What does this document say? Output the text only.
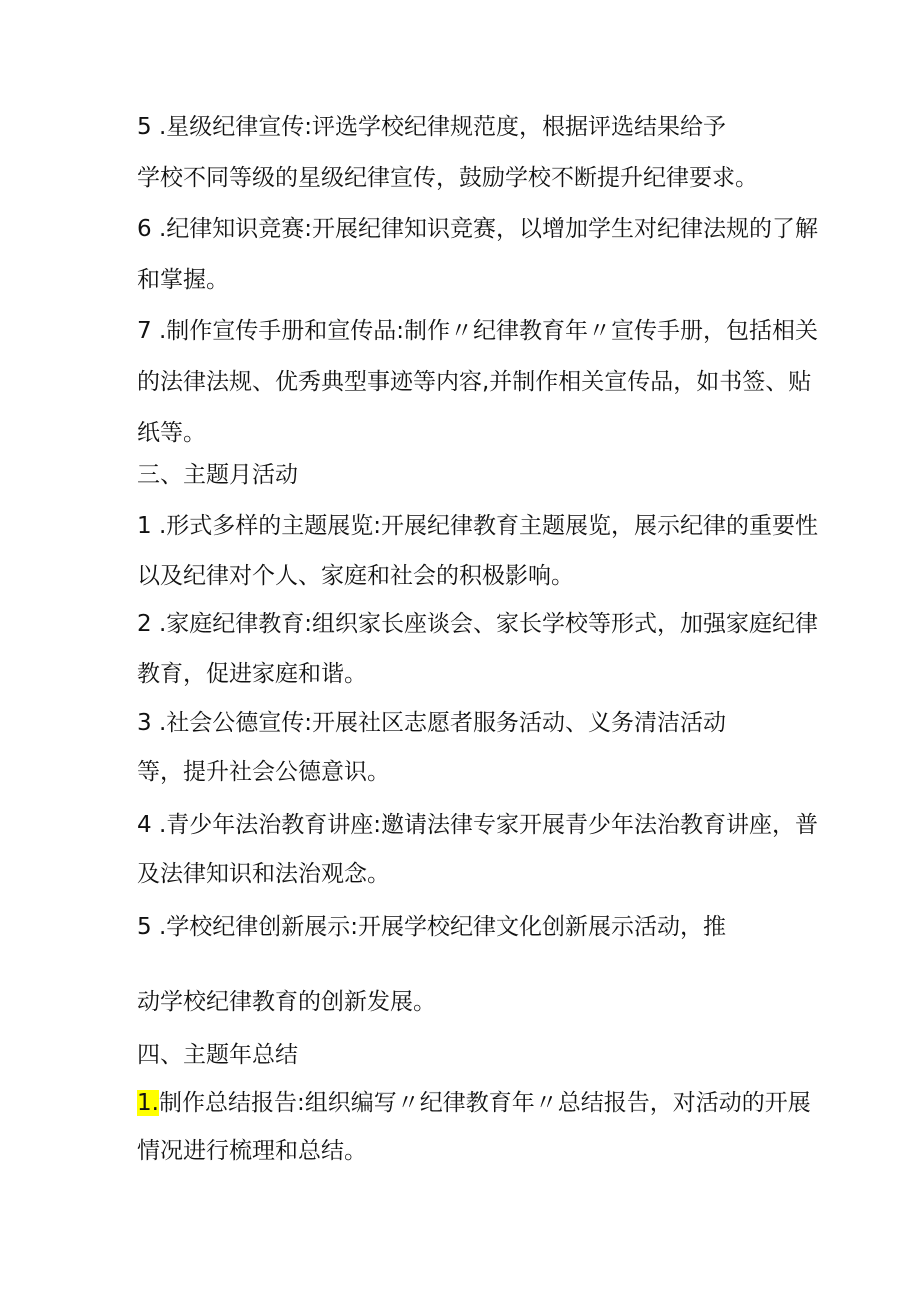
5 .星级纪律宣传:评选学校纪律规范度，根据评选结果给予
学校不同等级的星级纪律宣传，鼓励学校不断提升纪律要求。
6 .纪律知识竞赛:开展纪律知识竞赛，以增加学生对纪律法规的了解
和掌握。
7 .制作宣传手册和宣传品:制作〃纪律教育年〃宣传手册，包括相关
的法律法规、优秀典型事迹等内容,并制作相关宣传品，如书签、贴
纸等。
三、主题月活动
1 .形式多样的主题展览:开展纪律教育主题展览，展示纪律的重要性
以及纪律对个人、家庭和社会的积极影响。
2 .家庭纪律教育:组织家长座谈会、家长学校等形式，加强家庭纪律
教育，促进家庭和谐。
3 .社会公德宣传:开展社区志愿者服务活动、义务清洁活动
等，提升社会公德意识。
4 .青少年法治教育讲座:邀请法律专家开展青少年法治教育讲座，普
及法律知识和法治观念。
5 .学校纪律创新展示:开展学校纪律文化创新展示活动，推
动学校纪律教育的创新发展。
四、主题年总结
1.制作总结报告:组织编写〃纪律教育年〃总结报告，对活动的开展
情况进行梳理和总结。
